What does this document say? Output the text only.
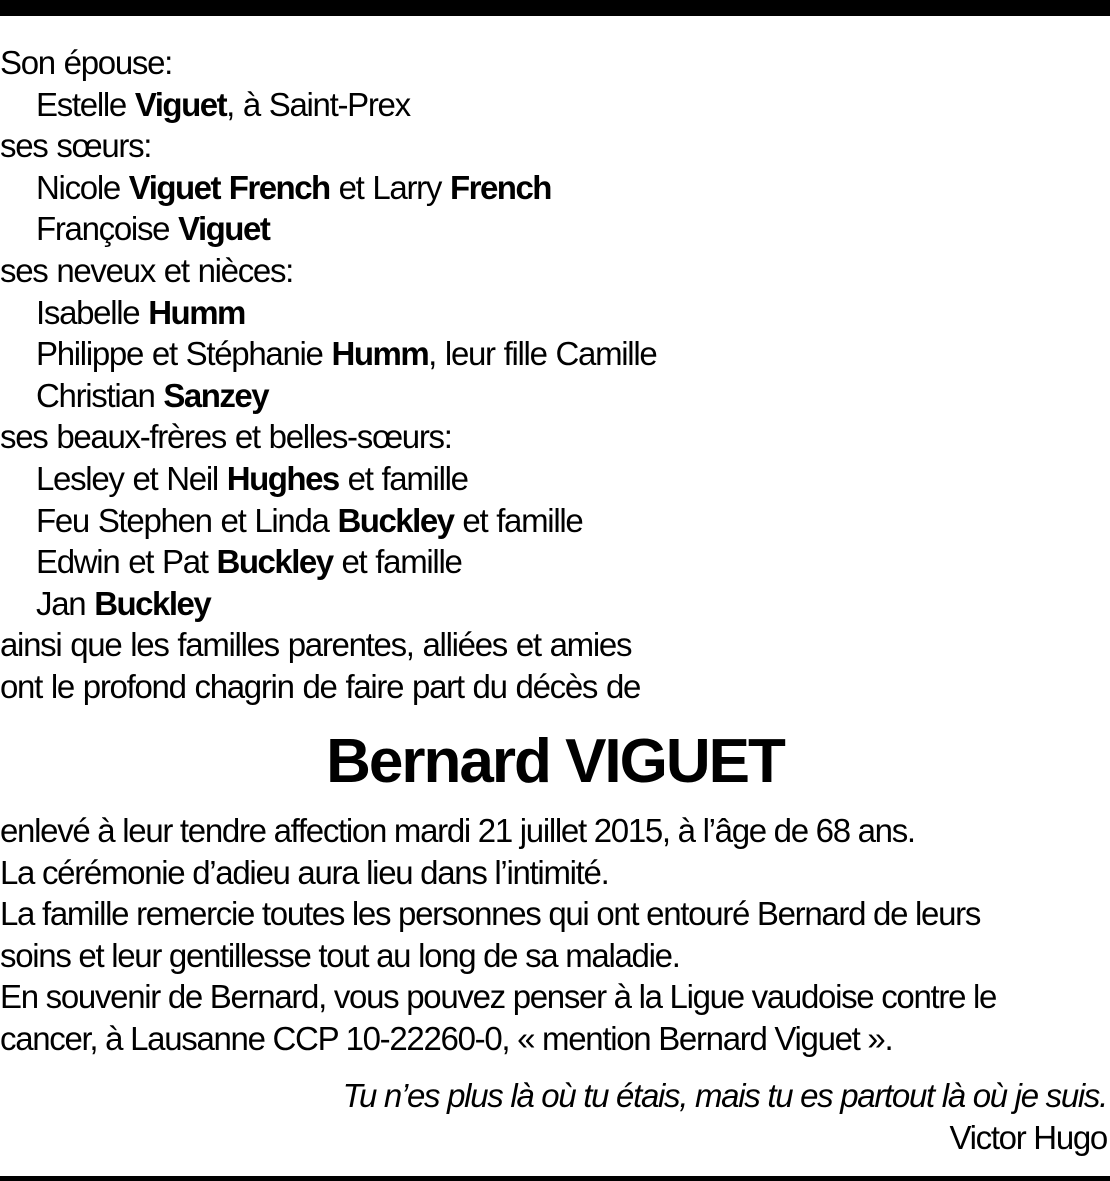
Son épouse:
Estelle Viguet, à Saint-Prex
ses sœurs:
Nicole Viguet French et Larry French
Françoise Viguet
ses neveux et nièces:
Isabelle Humm
Philippe et Stéphanie Humm, leur fille Camille
Christian Sanzey
ses beaux-frères et belles-sœurs:
Lesley et Neil Hughes et famille
Feu Stephen et Linda Buckley et famille
Edwin et Pat Buckley et famille
Jan Buckley
ainsi que les familles parentes, alliées et amies
ont le profond chagrin de faire part du décès de
Bernard VIGUET
enlevé à leur tendre affection mardi 21 juillet 2015, à l’âge de 68 ans.
La cérémonie d’adieu aura lieu dans l’intimité.
La famille remercie toutes les personnes qui ont entouré Bernard de leurs
soins et leur gentillesse tout au long de sa maladie.
En souvenir de Bernard, vous pouvez penser à la Ligue vaudoise contre le
cancer, à Lausanne CCP 10-22260-0, « mention Bernard Viguet ».
Tu n’es plus là où tu étais, mais tu es partout là où je suis.
Victor Hugo
